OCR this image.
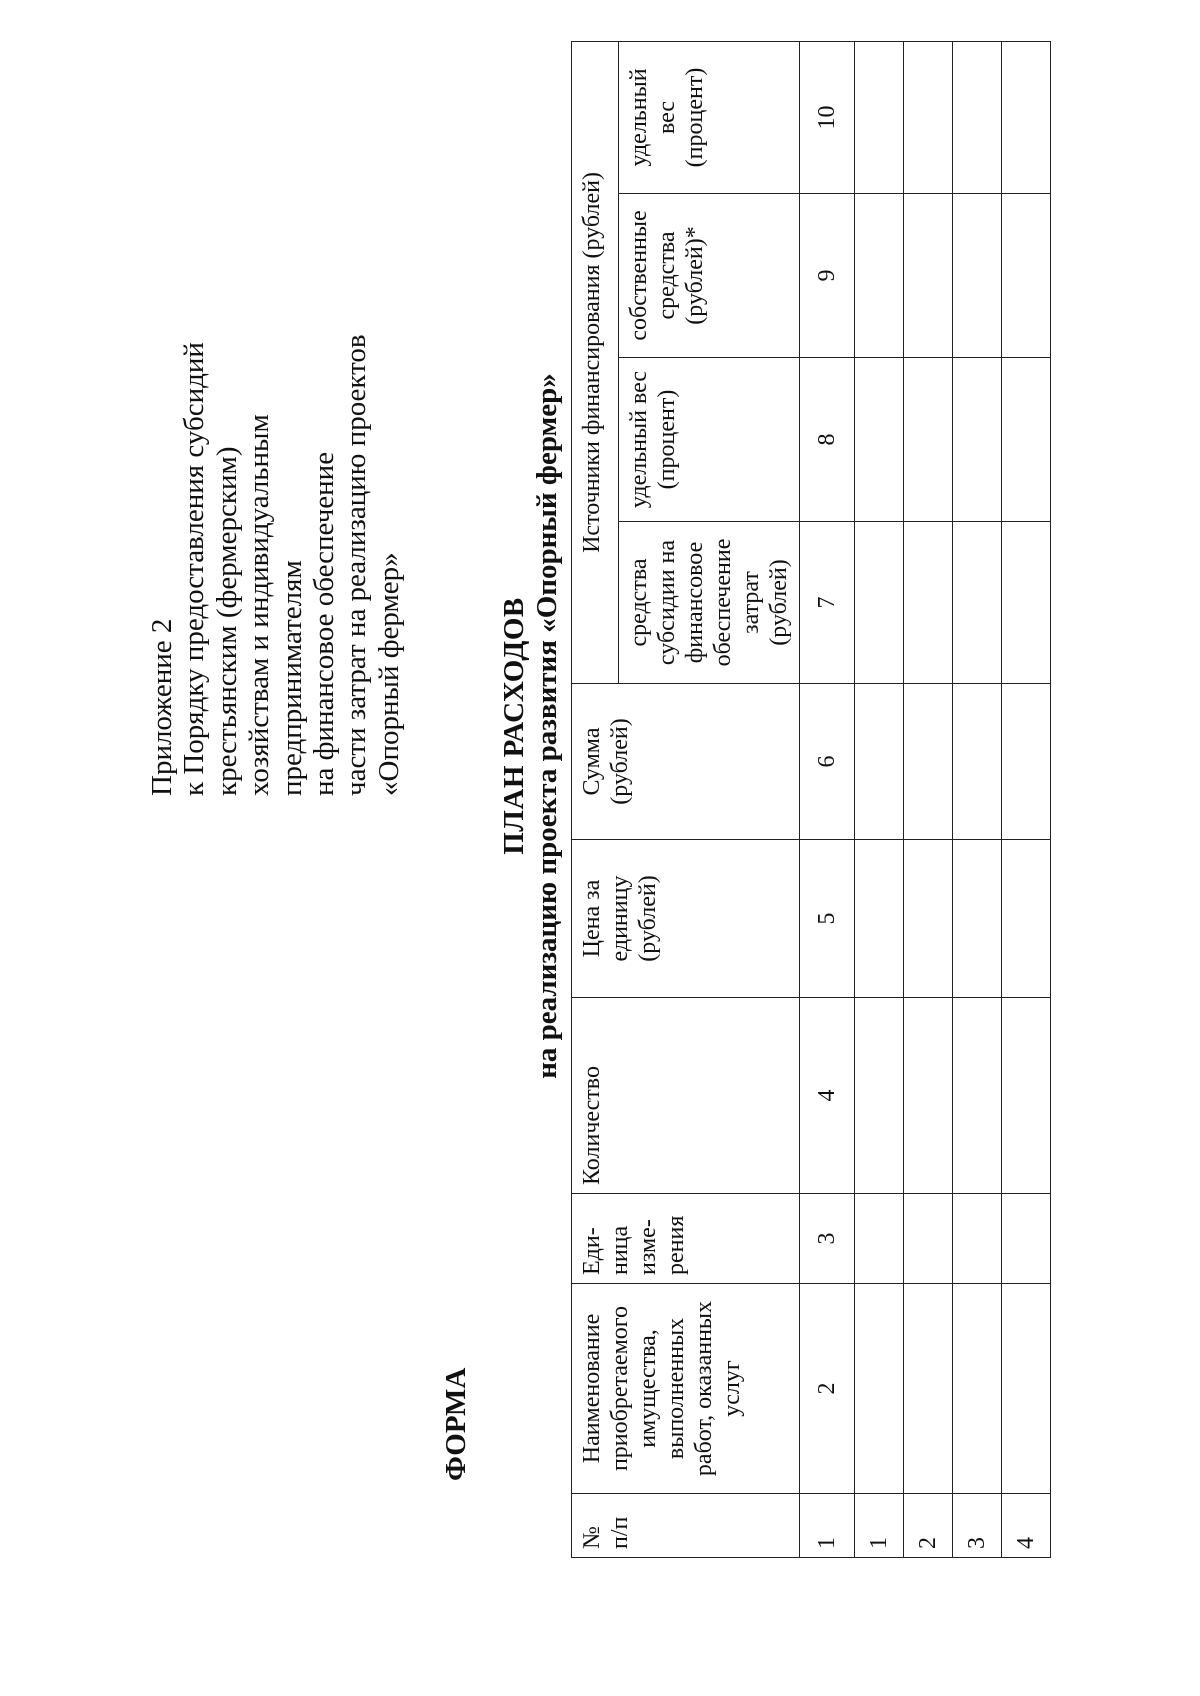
Приложение 2 к Порядку предоставления субсидий крестьянским (фермерским) хозяйствам и индивидуальным предпринимателям на финансовое обеспечение части затрат на реализацию проектов «Опорный фермер»
ФОРМА
ПЛАН РАСХОДОВ на реализацию проекта развития «Опорный фермер»
№ п/п	Наименование приобретаемого имущества, выполненных работ, оказанных услуг	Еди-ница изме-рения	Количество	Цена за единицу (рублей)	Сумма (рублей)	Источники финансирования (рублей)			
						средства субсидии на финансовое обеспечение затрат (рублей)	удельный вес (процент)	собственные средства (рублей)*	удельный вес (процент)
1	2	3	4	5	6	7	8	9	10
1									
2									
3									
4									
